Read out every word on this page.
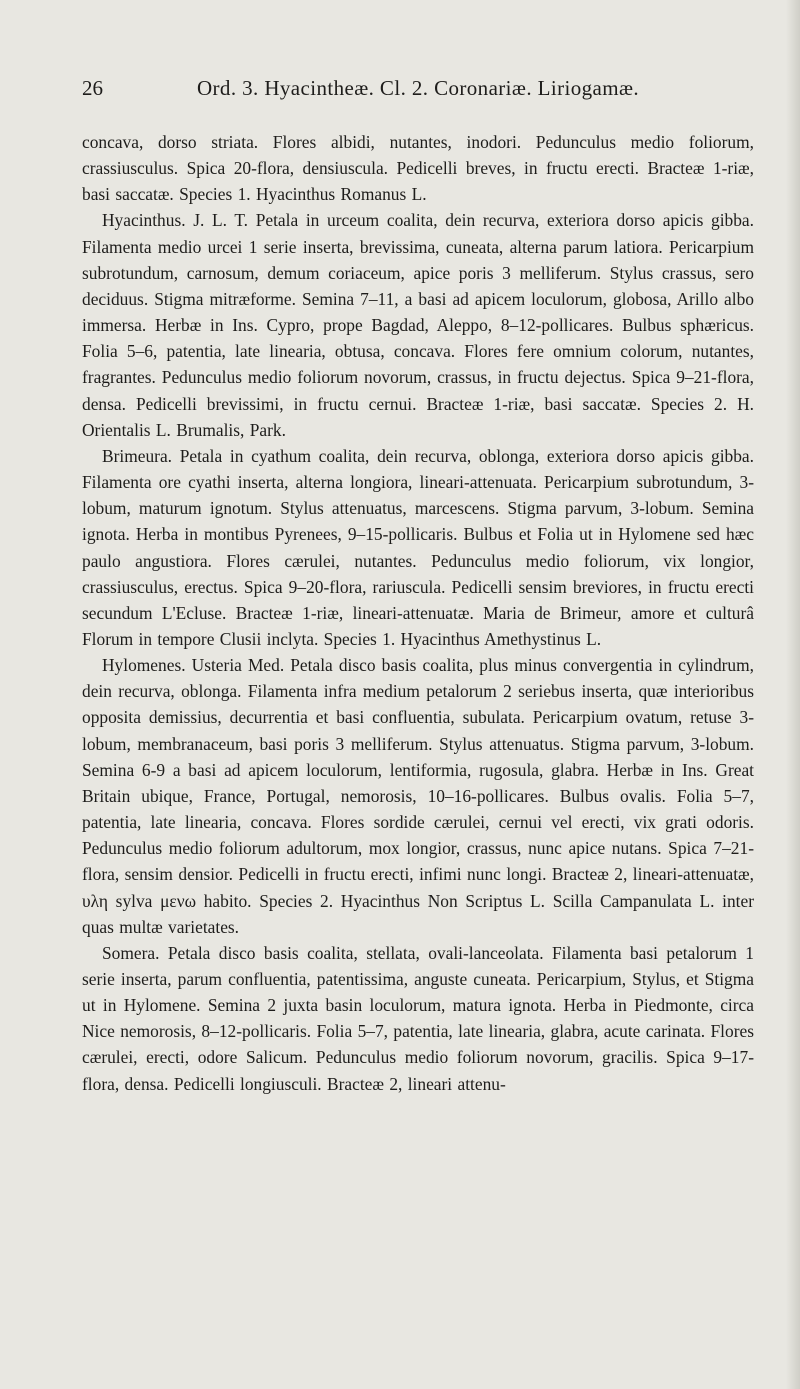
26	Ord. 3. Hyacintheæ. Cl. 2. Coronariæ. Liriogamæ.

concava, dorso striata. Flores albidi, nutantes, inodori. Pedunculus medio foliorum, crassiusculus. Spica 20-flora, densiuscula. Pedicelli breves, in fructu erecti. Bracteæ 1-riæ, basi saccatæ. Species 1. Hyacinthus Romanus L.

Hyacinthus. J. L. T. Petala in urceum coalita, dein recurva, exteriora dorso apicis gibba. Filamenta medio urcei 1 serie inserta, brevissima, cuneata, alterna parum latiora. Pericarpium subrotundum, carnosum, demum coriaceum, apice poris 3 melliferum. Stylus crassus, sero deciduus. Stigma mitræforme. Semina 7–11, a basi ad apicem loculorum, globosa, Arillo albo immersa. Herbæ in Ins. Cypro, prope Bagdad, Aleppo, 8–12-pollicares. Bulbus sphæricus. Folia 5–6, patentia, late linearia, obtusa, concava. Flores fere omnium colorum, nutantes, fragrantes. Pedunculus medio foliorum novorum, crassus, in fructu dejectus. Spica 9–21-flora, densa. Pedicelli brevissimi, in fructu cernui. Bracteæ 1-riæ, basi saccatæ. Species 2. H. Orientalis L. Brumalis, Park.

Brimeura. Petala in cyathum coalita, dein recurva, oblonga, exteriora dorso apicis gibba. Filamenta ore cyathi inserta, alterna longiora, lineari-attenuata. Pericarpium subrotundum, 3-lobum, maturum ignotum. Stylus attenuatus, marcescens. Stigma parvum, 3-lobum. Semina ignota. Herba in montibus Pyrenees, 9–15-pollicaris. Bulbus et Folia ut in Hylomene sed hæc paulo angustiora. Flores cærulei, nutantes. Pedunculus medio foliorum, vix longior, crassiusculus, erectus. Spica 9–20-flora, rariuscula. Pedicelli sensim breviores, in fructu erecti secundum L'Ecluse. Bracteæ 1-riæ, lineari-attenuatæ. Maria de Brimeur, amore et culturâ Florum in tempore Clusii inclyta. Species 1. Hyacinthus Amethystinus L.

Hylomenes. Usteria Med. Petala disco basis coalita, plus minus convergentia in cylindrum, dein recurva, oblonga. Filamenta infra medium petalorum 2 seriebus inserta, quæ interioribus opposita demissius, decurrentia et basi confluentia, subulata. Pericarpium ovatum, retuse 3-lobum, membranaceum, basi poris 3 melliferum. Stylus attenuatus. Stigma parvum, 3-lobum. Semina 6-9 a basi ad apicem loculorum, lentiformia, rugosula, glabra. Herbæ in Ins. Great Britain ubique, France, Portugal, nemorosis, 10–16-pollicares. Bulbus ovalis. Folia 5–7, patentia, late linearia, concava. Flores sordide cærulei, cernui vel erecti, vix grati odoris. Pedunculus medio foliorum adultorum, mox longior, crassus, nunc apice nutans. Spica 7–21-flora, sensim densior. Pedicelli in fructu erecti, infimi nunc longi. Bracteæ 2, lineari-attenuatæ, υλη sylva μενω habito. Species 2. Hyacinthus Non Scriptus L. Scilla Campanulata L. inter quas multæ varietates.

Somera. Petala disco basis coalita, stellata, ovali-lanceolata. Filamenta basi petalorum 1 serie inserta, parum confluentia, patentissima, anguste cuneata. Pericarpium, Stylus, et Stigma ut in Hylomene. Semina 2 juxta basin loculorum, matura ignota. Herba in Piedmonte, circa Nice nemorosis, 8–12-pollicaris. Folia 5–7, patentia, late linearia, glabra, acute carinata. Flores cærulei, erecti, odore Salicum. Pedunculus medio foliorum novorum, gracilis. Spica 9–17-flora, densa. Pedicelli longiusculi. Bracteæ 2, lineari attenu-
